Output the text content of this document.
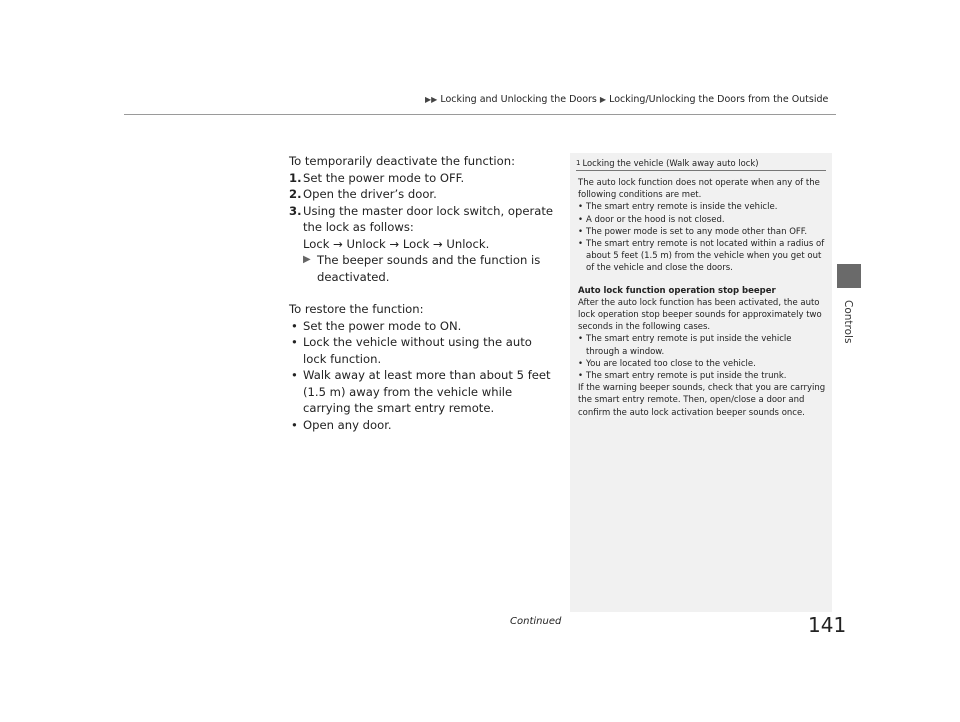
▶▶ Locking and Unlocking the Doors ▶ Locking/Unlocking the Doors from the Outside
Controls

To temporarily deactivate the function:

1. Set the power mode to OFF.
2. Open the driver’s door.
3. Using the master door lock switch, operate the lock as follows:

Lock → Unlock → Lock → Unlock.

▶ The beeper sounds and the function is deactivated.

To restore the function:

• Set the power mode to ON.
• Lock the vehicle without using the auto lock function.
• Walk away at least more than about 5 feet (1.5 m) away from the vehicle while carrying the smart entry remote.
• Open any door.
1 Locking the vehicle (Walk away auto lock)

The auto lock function does not operate when any of the following conditions are met.

• The smart entry remote is inside the vehicle.
• A door or the hood is not closed.
• The power mode is set to any mode other than OFF.
• The smart entry remote is not located within a radius of about 5 feet (1.5 m) from the vehicle when you get out of the vehicle and close the doors.

Auto lock function operation stop beeper

After the auto lock function has been activated, the auto lock operation stop beeper sounds for approximately two seconds in the following cases.

• The smart entry remote is put inside the vehicle through a window.
• You are located too close to the vehicle.
• The smart entry remote is put inside the trunk.

If the warning beeper sounds, check that you are carrying the smart entry remote. Then, open/close a door and confirm the auto lock activation beeper sounds once.

Continued	141
